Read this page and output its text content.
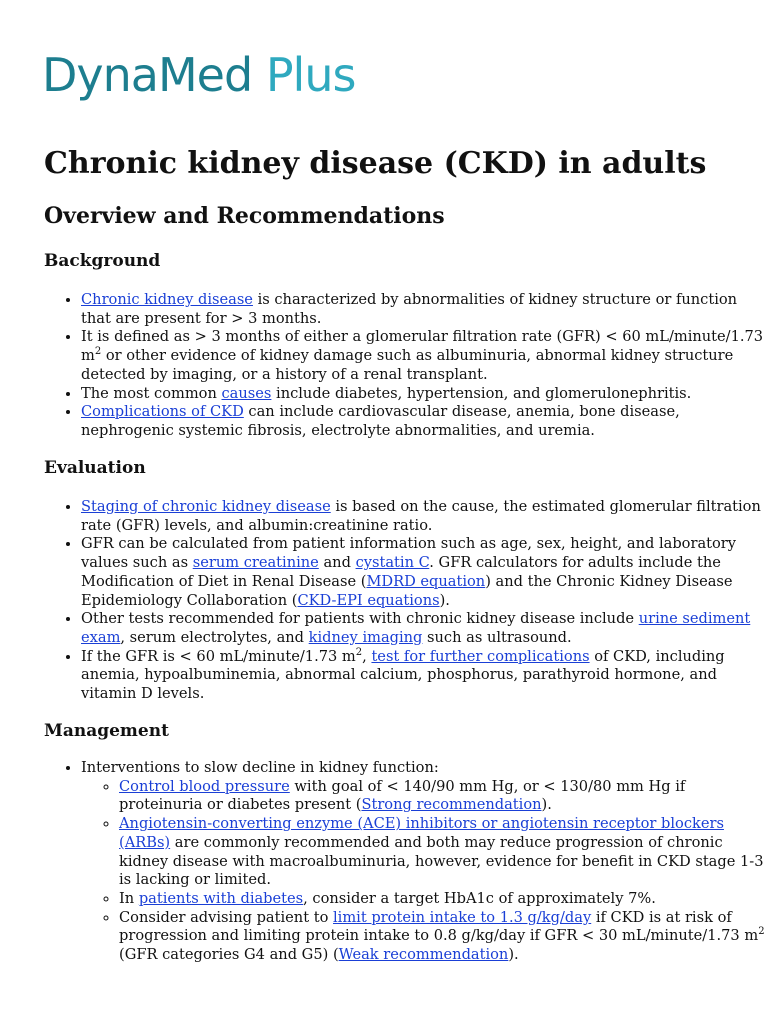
DynaMed Plus
Chronic kidney disease (CKD) in adults
Overview and Recommendations
Background
• Chronic kidney disease is characterized by abnormalities of kidney structure or function that are present for > 3 months.
• It is defined as > 3 months of either a glomerular filtration rate (GFR) < 60 mL/minute/1.73 $m^2$ or other evidence of kidney damage such as albuminuria, abnormal kidney structure detected by imaging, or a history of a renal transplant.
• The most common causes include diabetes, hypertension, and glomerulonephritis.
• Complications of CKD can include cardiovascular disease, anemia, bone disease, nephrogenic systemic fibrosis, electrolyte abnormalities, and uremia.
Evaluation
• Staging of chronic kidney disease is based on the cause, the estimated glomerular filtration rate (GFR) levels, and albumin:creatinine ratio.
• GFR can be calculated from patient information such as age, sex, height, and laboratory values such as serum creatinine and cystatin C. GFR calculators for adults include the Modification of Diet in Renal Disease (MDRD equation) and the Chronic Kidney Disease Epidemiology Collaboration (CKD-EPI equations).
• Other tests recommended for patients with chronic kidney disease include urine sediment exam, serum electrolytes, and kidney imaging such as ultrasound.
• If the GFR is < 60 mL/minute/1.73 $m^2$, test for further complications of CKD, including anemia, hypoalbuminemia, abnormal calcium, phosphorus, parathyroid hormone, and vitamin D levels.
Management
• Interventions to slow decline in kidney function:
◦ Control blood pressure with goal of < 140/90 mm Hg, or < 130/80 mm Hg if proteinuria or diabetes present (Strong recommendation).
◦ Angiotensin-converting enzyme (ACE) inhibitors or angiotensin receptor blockers (ARBs) are commonly recommended and both may reduce progression of chronic kidney disease with macroalbuminuria, however, evidence for benefit in CKD stage 1-3 is lacking or limited.
◦ In patients with diabetes, consider a target HbA1c of approximately 7%.
◦ Consider advising patient to limit protein intake to 1.3 g/kg/day if CKD is at risk of progression and limiting protein intake to 0.8 g/kg/day if GFR < 30 mL/minute/1.73 $m^2$ (GFR categories G4 and G5) (Weak recommendation).
